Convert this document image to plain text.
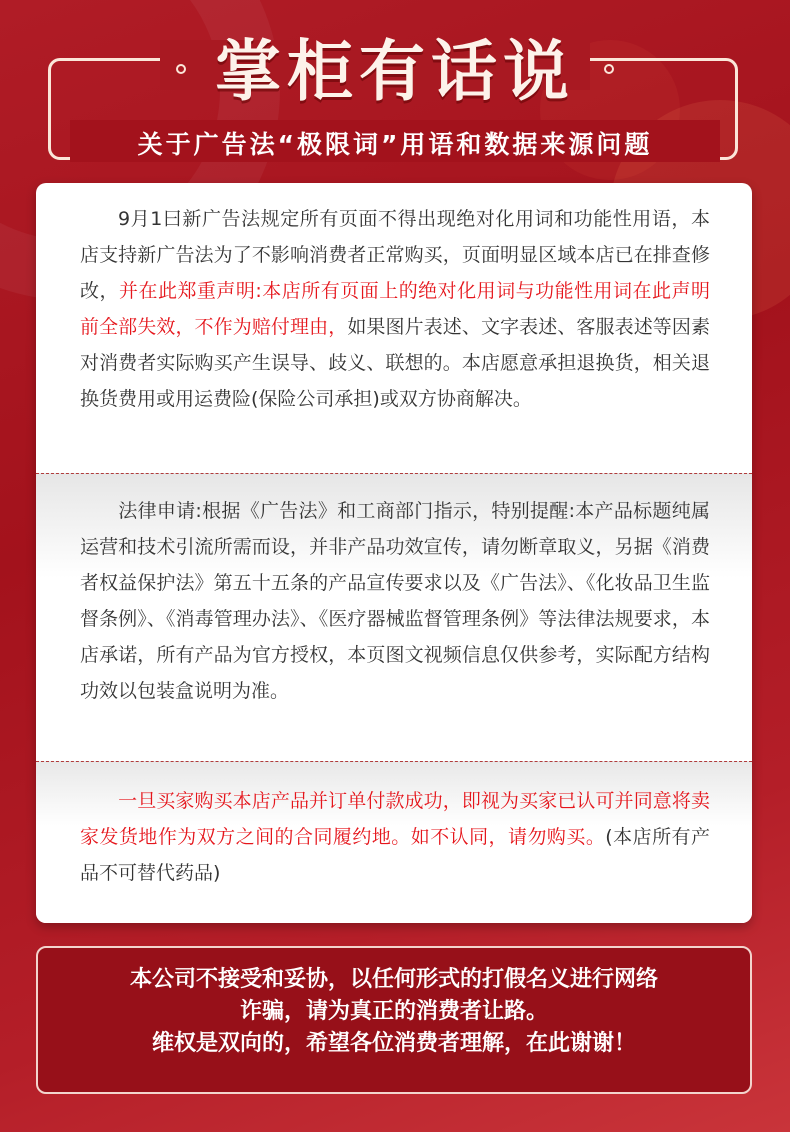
掌柜有话说
关于广告法“极限词”用语和数据来源问题

9月1曰新广告法规定所有页面不得出现绝对化用词和功能性用语，本店支持新广告法为了不影响消费者正常购买，页面明显区域本店已在排查修改，并在此郑重声明:本店所有页面上的绝对化用词与功能性用词在此声明前全部失效，不作为赔付理由，如果图片表述、文字表述、客服表述等因素对消费者实际购买产生误导、歧义、联想的。本店愿意承担退换货，相关退换货费用或用运费险(保险公司承担)或双方协商解决。

法律申请:根据《广告法》和工商部门指示，特别提醒:本产品标题纯属运营和技术引流所需而设，并非产品功效宣传，请勿断章取义，另据《消费者权益保护法》第五十五条的产品宣传要求以及《广告法》、《化妆品卫生监督条例》、《消毒管理办法》、《医疗器械监督管理条例》等法律法规要求，本店承诺，所有产品为官方授权，本页图文视频信息仅供参考，实际配方结构功效以包装盒说明为准。

一旦买家购买本店产品并订单付款成功，即视为买家已认可并同意将卖家发货地作为双方之间的合同履约地。如不认同，请勿购买。(本店所有产品不可替代药品)

本公司不接受和妥协，以任何形式的打假名义进行网络

诈骗，请为真正的消费者让路。

维权是双向的，希望各位消费者理解，在此谢谢！
